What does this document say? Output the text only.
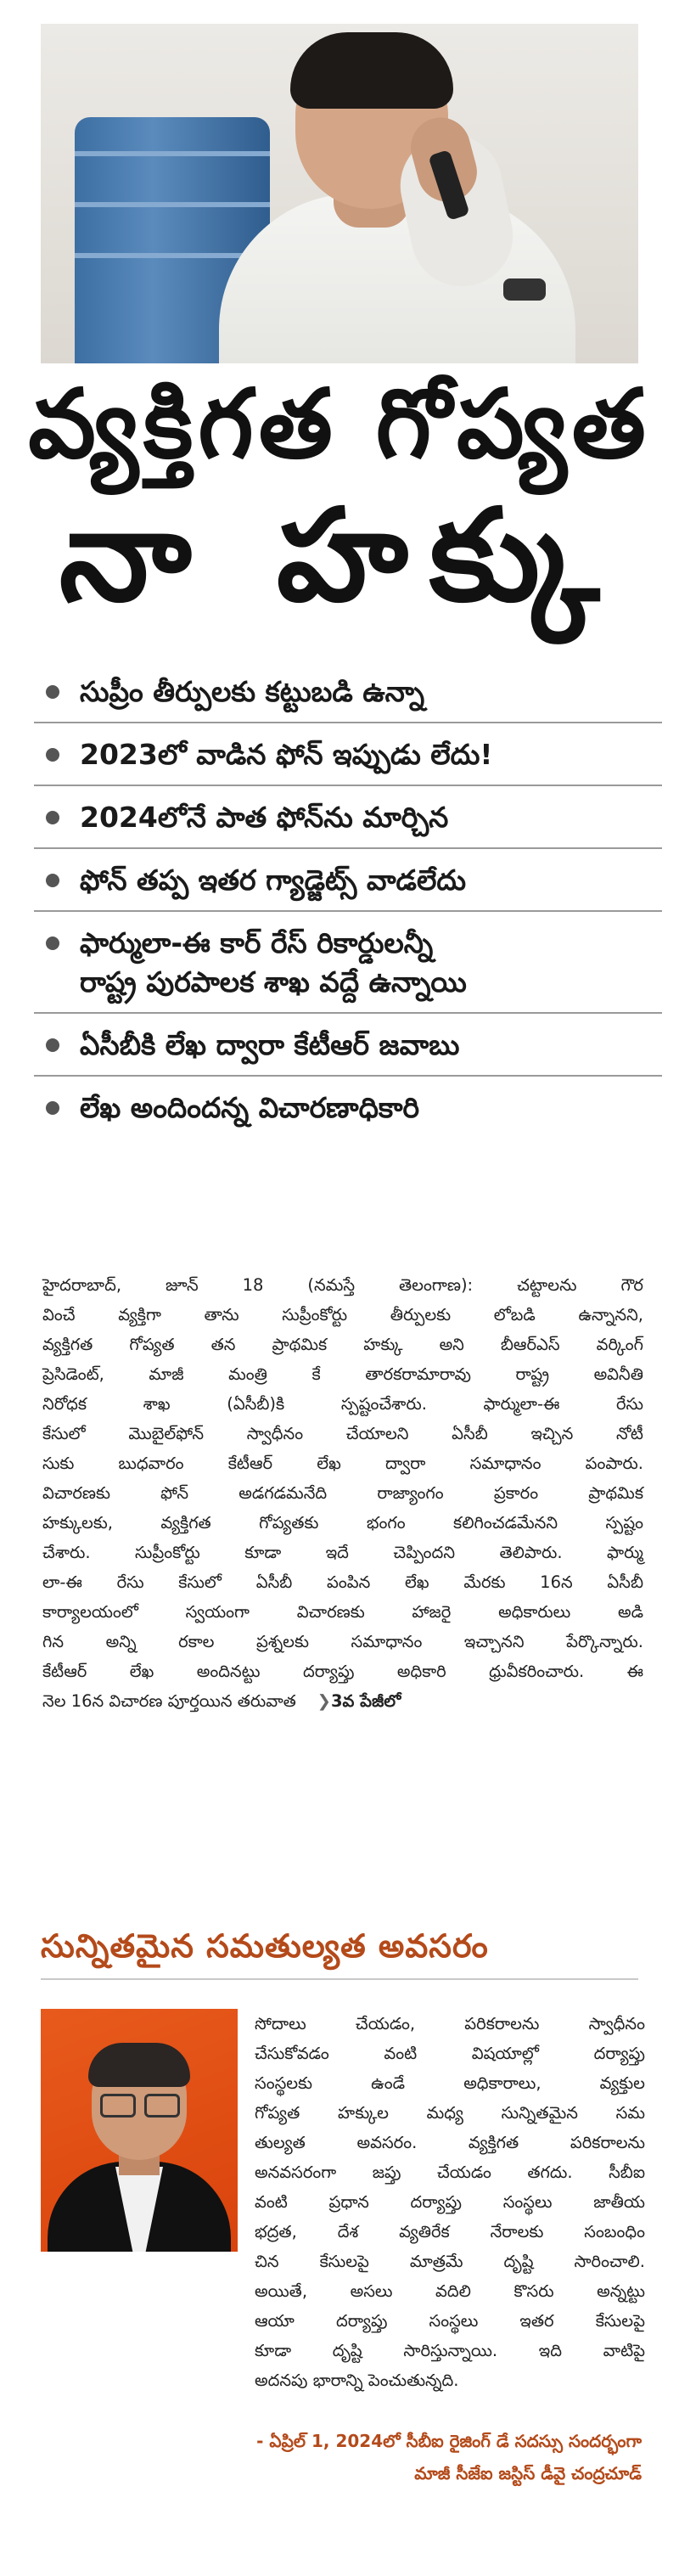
వ్యక్తిగత గోప్యత
నా హక్కు
సుప్రీం తీర్పులకు కట్టుబడి ఉన్నా
2023లో వాడిన ఫోన్ ఇప్పుడు లేదు!
2024లోనే పాత ఫోన్‌ను మార్చిన
ఫోన్ తప్ప ఇతర గ్యాడ్జెట్స్ వాడలేదు
ఫార్ములా-ఈ కార్ రేస్ రికార్డులన్నీ
రాష్ట్ర పురపాలక శాఖ వద్దే ఉన్నాయి
ఏసీబీకి లేఖ ద్వారా కేటీఆర్ జవాబు
లేఖ అందిందన్న విచారణాధికారి
హైదరాబాద్, జూన్ 18 (నమస్తే తెలంగాణ): చట్టాలను గౌర
వించే వ్యక్తిగా తాను సుప్రీంకోర్టు తీర్పులకు లోబడి ఉన్నానని,
వ్యక్తిగత గోప్యత తన ప్రాథమిక హక్కు అని బీఆర్ఎస్ వర్కింగ్
ప్రెసిడెంట్, మాజీ మంత్రి కే తారకరామారావు రాష్ట్ర అవినీతి
నిరోధక శాఖ (ఏసీబీ)కి స్పష్టంచేశారు. ఫార్ములా-ఈ రేసు
కేసులో మొబైల్‌ఫోన్ స్వాధీనం చేయాలని ఏసీబీ ఇచ్చిన నోటీ
సుకు బుధవారం కేటీఆర్ లేఖ ద్వారా సమాధానం పంపారు.
విచారణకు ఫోన్ అడగడమనేది రాజ్యాంగం ప్రకారం ప్రాథమిక
హక్కులకు, వ్యక్తిగత గోప్యతకు భంగం కలిగించడమేనని స్పష్టం
చేశారు. సుప్రీంకోర్టు కూడా ఇదే చెప్పిందని తెలిపారు. ఫార్ము
లా-ఈ రేసు కేసులో ఏసీబీ పంపిన లేఖ మేరకు 16న ఏసీబీ
కార్యాలయంలో స్వయంగా విచారణకు హాజరై అధికారులు అడి
గిన అన్ని రకాల ప్రశ్నలకు సమాధానం ఇచ్చానని పేర్కొన్నారు.
కేటీఆర్ లేఖ అందినట్టు దర్యాప్తు అధికారి ధ్రువీకరించారు. ఈ
నెల 16న విచారణ పూర్తయిన తరువాత ❯3వ పేజీలో
సున్నితమైన సమతుల్యత అవసరం
సోదాలు చేయడం, పరికరాలను స్వాధీనం
చేసుకోవడం వంటి విషయాల్లో దర్యాప్తు
సంస్థలకు ఉండే అధికారాలు, వ్యక్తుల
గోప్యత హక్కుల మధ్య సున్నితమైన సమ
తుల్యత అవసరం. వ్యక్తిగత పరికరాలను
అనవసరంగా జప్తు చేయడం తగదు. సీబీఐ
వంటి ప్రధాన దర్యాప్తు సంస్థలు జాతీయ
భద్రత, దేశ వ్యతిరేక నేరాలకు సంబంధిం
చిన కేసులపై మాత్రమే దృష్టి సారించాలి.
అయితే, అసలు వదిలి కొసరు అన్నట్టు
ఆయా దర్యాప్తు సంస్థలు ఇతర కేసులపై
కూడా దృష్టి సారిస్తున్నాయి. ఇది వాటిపై
అదనపు భారాన్ని పెంచుతున్నది.
- ఏప్రిల్ 1, 2024లో సీబీఐ రైజింగ్ డే సదస్సు సందర్భంగా
మాజీ సీజేఐ జస్టిస్ డీవై చంద్రచూడ్
